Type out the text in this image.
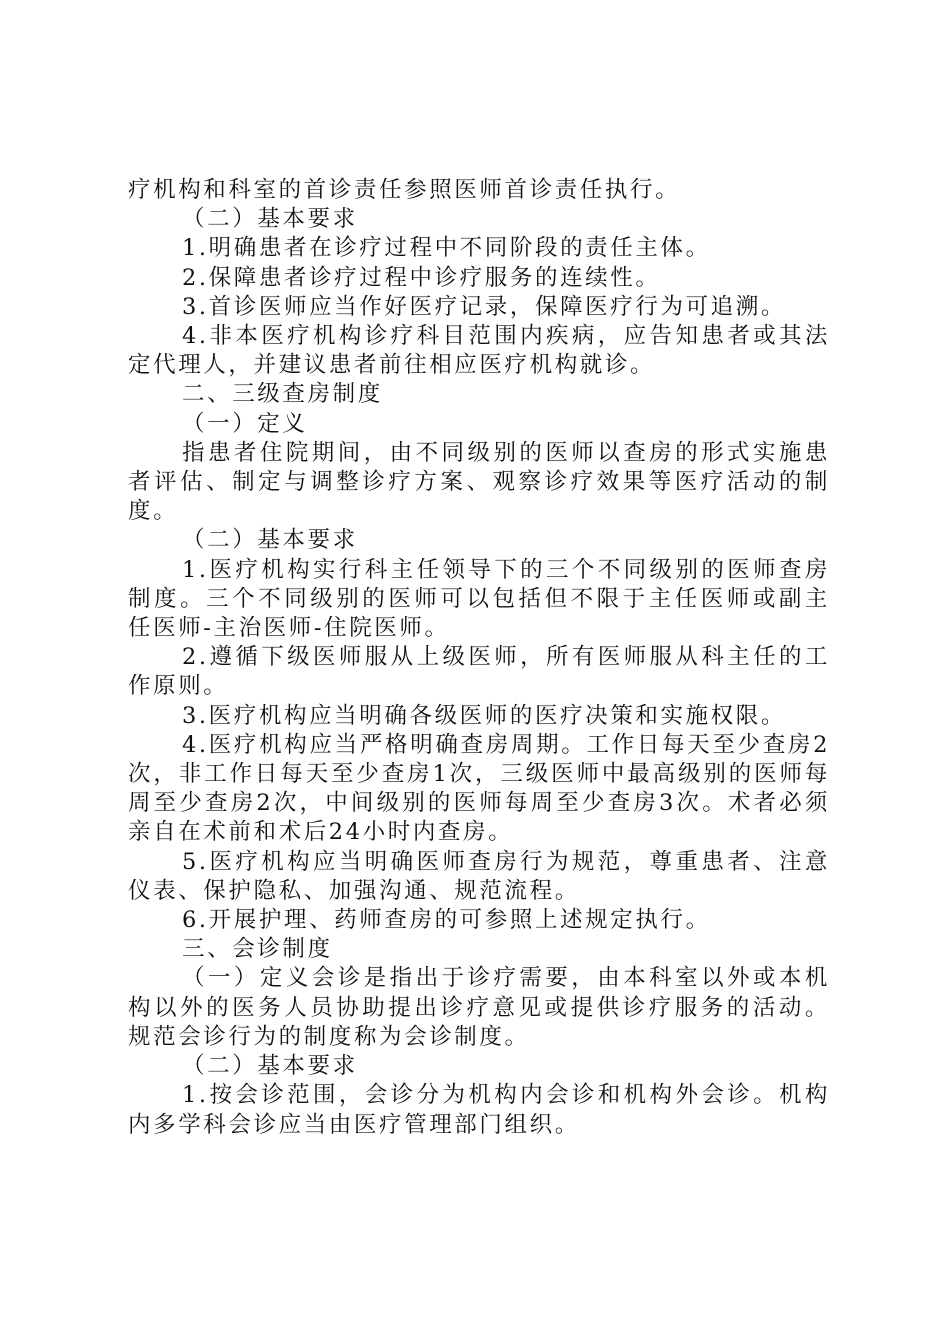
疗机构和科室的首诊责任参照医师首诊责任执行。

（二）基本要求

1.明确患者在诊疗过程中不同阶段的责任主体。

2.保障患者诊疗过程中诊疗服务的连续性。

3.首诊医师应当作好医疗记录，保障医疗行为可追溯。

4.非本医疗机构诊疗科目范围内疾病，应告知患者或其法定代理人，并建议患者前往相应医疗机构就诊。

二、三级查房制度

（一）定义

指患者住院期间，由不同级别的医师以查房的形式实施患者评估、制定与调整诊疗方案、观察诊疗效果等医疗活动的制度。

（二）基本要求

1.医疗机构实行科主任领导下的三个不同级别的医师查房制度。三个不同级别的医师可以包括但不限于主任医师或副主任医师-主治医师-住院医师。

2.遵循下级医师服从上级医师，所有医师服从科主任的工作原则。

3.医疗机构应当明确各级医师的医疗决策和实施权限。

4.医疗机构应当严格明确查房周期。工作日每天至少查房2次，非工作日每天至少查房1次，三级医师中最高级别的医师每周至少查房2次，中间级别的医师每周至少查房3次。术者必须亲自在术前和术后24小时内查房。

5.医疗机构应当明确医师查房行为规范，尊重患者、注意仪表、保护隐私、加强沟通、规范流程。

6.开展护理、药师查房的可参照上述规定执行。

三、会诊制度

（一）定义会诊是指出于诊疗需要，由本科室以外或本机构以外的医务人员协助提出诊疗意见或提供诊疗服务的活动。规范会诊行为的制度称为会诊制度。

（二）基本要求

1.按会诊范围，会诊分为机构内会诊和机构外会诊。机构内多学科会诊应当由医疗管理部门组织。
